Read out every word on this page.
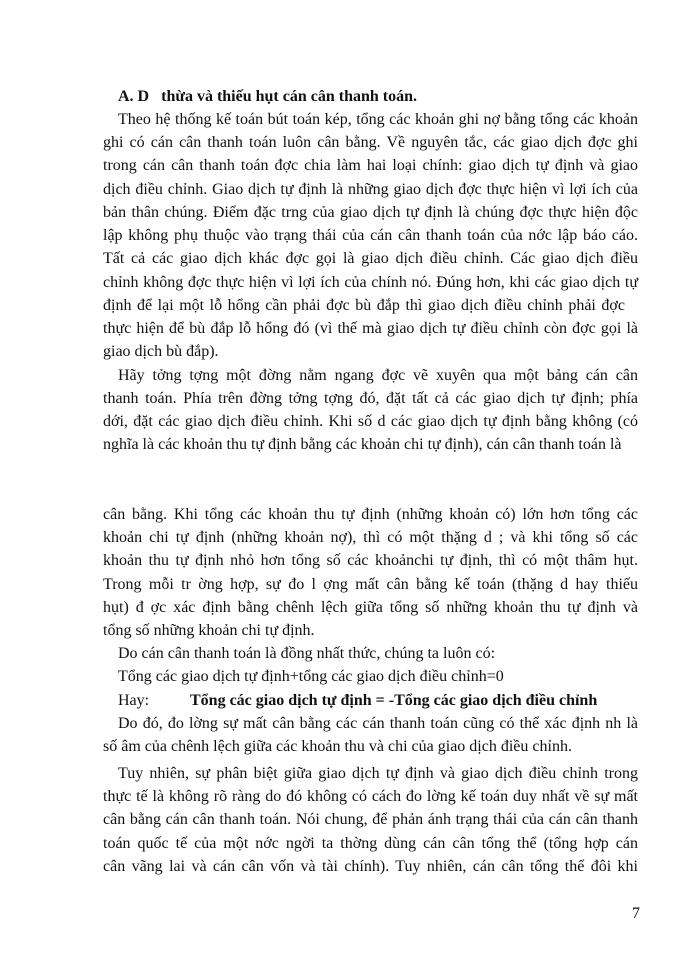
A. D   thừa và thiếu hụt cán cân thanh toán.
Theo hệ thống kế toán bút toán kép, tổng các khoản ghi nợ bằng tổng các khoản
ghi có cán cân thanh toán luôn cân bằng. Về nguyên tắc, các giao dịch đợc ghi
trong cán cân thanh toán đợc chia làm hai loại chính: giao dịch tự định và giao
dịch điều chỉnh. Giao dịch tự định là những giao dịch đợc thực hiện vì lợi ích của
bản thân chúng. Điểm đặc trng của giao dịch tự định là chúng đợc thực hiện độc
lập không phụ thuộc vào trạng thái của cán cân thanh toán của nớc lập báo cáo.
Tất cả các giao dịch khác đợc gọi là giao dịch điều chỉnh. Các giao dịch điều
chỉnh không đợc thực hiện vì lợi ích của chính nó. Đúng hơn, khi các giao dịch tự
định để lại một lỗ hổng cần phải đợc bù đắp thì giao dịch điều chỉnh phải đợc
thực hiện để bù đắp lỗ hổng đó (vì thế mà giao dịch tự điều chỉnh còn đợc gọi là
giao dịch bù đắp).
Hãy tởng tợng một đờng nằm ngang đợc vẽ xuyên qua một bảng cán cân
thanh toán. Phía trên đờng tởng tợng đó, đặt tất cả các giao dịch tự định; phía
dới, đặt các giao dịch điều chỉnh. Khi số d các giao dịch tự định bằng không (có
nghĩa là các khoản thu tự định bằng các khoản chi tự định), cán cân thanh toán là
cân bằng. Khi tổng các khoản thu tự định (những khoản có) lớn hơn tổng các
khoản chi tự định (những khoản nợ), thì có một thặng d ; và khi tổng số các
khoản thu tự định nhỏ hơn tổng số các khoảnchi tự định, thì có một thâm hụt.
Trong mỗi tr ờng hợp, sự đo l ợng mất cân bằng kế toán (thặng d hay thiếu
hụt) đ ợc xác định bằng chênh lệch giữa tổng số những khoản thu tự định và
tổng số những khoản chi tự định.
Do cán cân thanh toán là đồng nhất thức, chúng ta luôn có:
Tổng các giao dịch tự định+tổng các giao dịch điều chỉnh=0
Hay:	Tổng các giao dịch tự định = -Tổng các giao dịch điều chỉnh
Do đó, đo lờng sự mất cân bằng các cán thanh toán cũng có thể xác định nh là
số âm của chênh lệch giữa các khoản thu và chi của giao dịch điều chỉnh.
Tuy nhiên, sự phân biệt giữa giao dịch tự định và giao dịch điều chỉnh trong
thực tế là không rõ ràng do đó không có cách đo lờng kế toán duy nhất về sự mất
cân bằng cán cân thanh toán. Nói chung, để phản ánh trạng thái của cán cân thanh
toán quốc tế của một nớc ngời ta thờng dùng cán cân tổng thể (tổng hợp cán
cân vãng lai và cán cân vốn và tài chính). Tuy nhiên, cán cân tổng thể đôi khi
7
